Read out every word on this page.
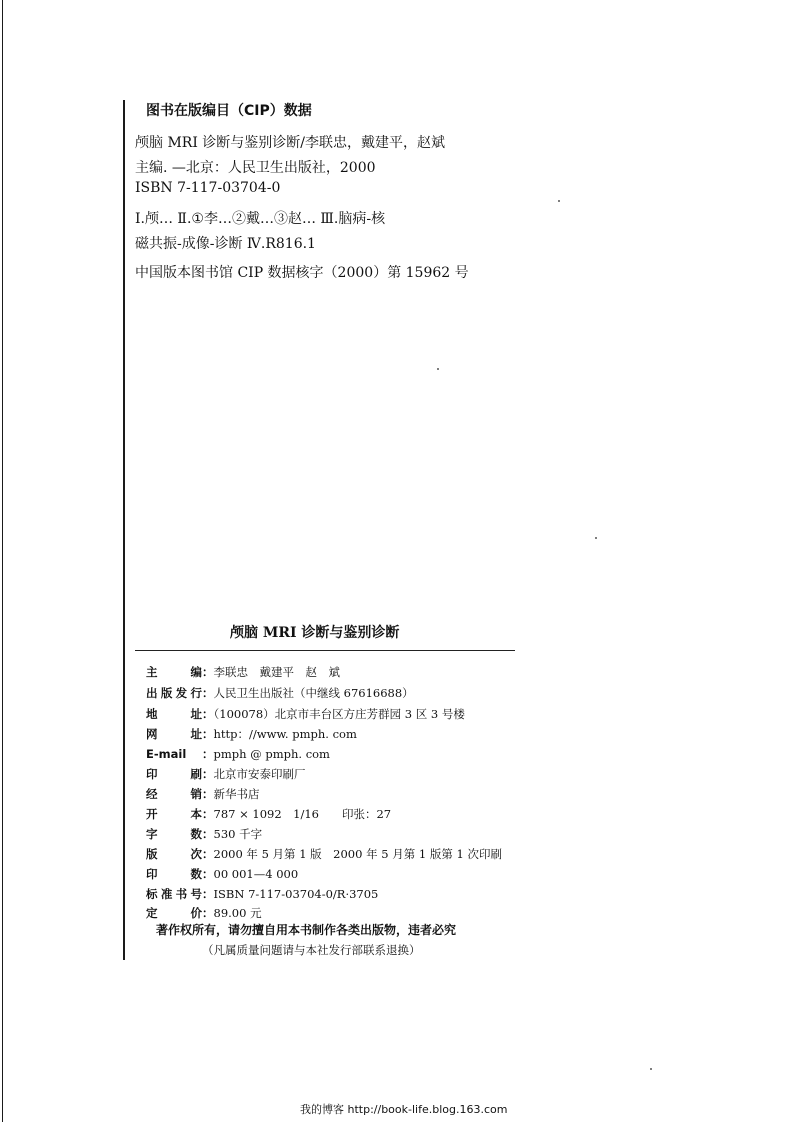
图书在版编目（CIP）数据
颅脑 MRI 诊断与鉴别诊断/李联忠，戴建平，赵斌
主编. —北京：人民卫生出版社，2000
ISBN 7-117-03704-0
Ⅰ.颅… Ⅱ.①李…②戴…③赵… Ⅲ.脑病-核
磁共振-成像-诊断 Ⅳ.R816.1
中国版本图书馆 CIP 数据核字（2000）第 15962 号
颅脑 MRI 诊断与鉴别诊断
主编：李联忠　戴建平　赵　斌
出版发行：人民卫生出版社（中继线 67616688）
地址：（100078）北京市丰台区方庄芳群园 3 区 3 号楼
网址：http：//www. pmph. com
E-mail ：pmph @ pmph. com
印刷：北京市安泰印刷厂
经销：新华书店
开本：787 × 1092　1/16　　印张：27
字数：530 千字
版次：2000 年 5 月第 1 版　2000 年 5 月第 1 版第 1 次印刷
印数：00 001—4 000
标准书号：ISBN 7-117-03704-0/R·3705
定价：89.00 元
著作权所有，请勿擅自用本书制作各类出版物，违者必究
（凡属质量问题请与本社发行部联系退换）
我的博客 http://book-life.blog.163.com
